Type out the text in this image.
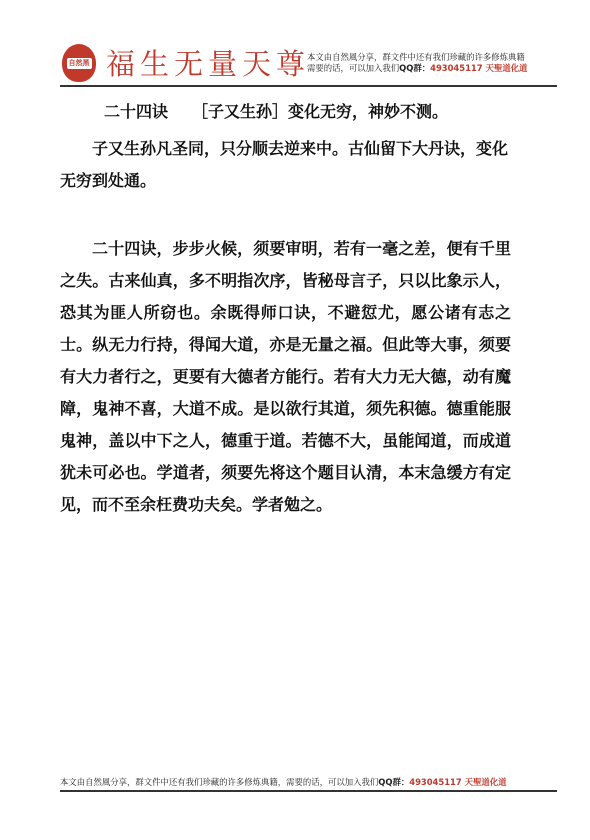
自然黑 福生无量天尊
本文由自然風分享，群文件中还有我们珍藏的许多修炼典籍
需要的话，可以加入我们QQ群：493045117 天聖道化道

二十四诀　　［子又生孙］变化无穷，神妙不测。

子又生孙凡圣同，只分顺去逆来中。古仙留下大丹诀，变化无穷到处通。

二十四诀，步步火候，须要审明，若有一毫之差，便有千里之失。古来仙真，多不明指次序，皆秘母言子，只以比象示人，恐其为匪人所窃也。余既得师口诀，不避愆尤，愿公诸有志之士。纵无力行持，得闻大道，亦是无量之福。但此等大事，须要有大力者行之，更要有大德者方能行。若有大力无大德，动有魔障，鬼神不喜，大道不成。是以欲行其道，须先积德。德重能服鬼神，盖以中下之人，德重于道。若德不大，虽能闻道，而成道犹未可必也。学道者，须要先将这个题目认清，本末急缓方有定见，而不至余枉费功夫矣。学者勉之。

本文由自然風分享，群文件中还有我们珍藏的许多修炼典籍，需要的话，可以加入我们QQ群：493045117 天聖道化道
